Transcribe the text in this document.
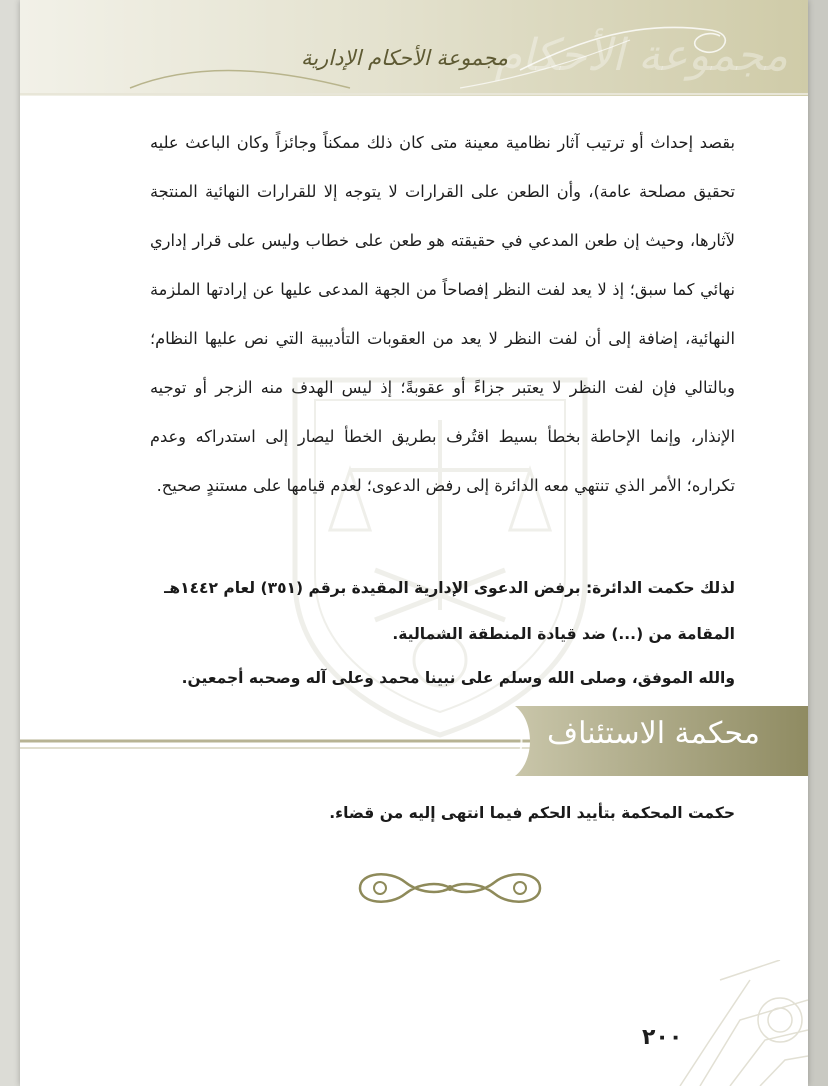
مجموعة الأحكام
مجموعة الأحكام الإدارية

بقصد إحداث أو ترتيب آثار نظامية معينة متى كان ذلك ممكناً وجائزاً وكان الباعث عليه تحقيق مصلحة عامة)، وأن الطعن على القرارات لا يتوجه إلا للقرارات النهائية المنتجة لآثارها، وحيث إن طعن المدعي في حقيقته هو طعن على خطاب وليس على قرار إداري نهائي كما سبق؛ إذ لا يعد لفت النظر إفصاحاً من الجهة المدعى عليها عن إرادتها الملزمة النهائية، إضافة إلى أن لفت النظر لا يعد من العقوبات التأديبية التي نص عليها النظام؛ وبالتالي فإن لفت النظر لا يعتبر جزاءً أو عقوبةً؛ إذ ليس الهدف منه الزجر أو توجيه الإنذار، وإنما الإحاطة بخطأ بسيط اقتُرف بطريق الخطأ ليصار إلى استدراكه وعدم تكراره؛ الأمر الذي تنتهي معه الدائرة إلى رفض الدعوى؛ لعدم قيامها على مستندٍ صحيح.

لذلك حكمت الدائرة: برفض الدعوى الإدارية المقيدة برقم (٣٥١) لعام ١٤٤٢هـ المقامة من (...) ضد قيادة المنطقة الشمالية.
والله الموفق، وصلى الله وسلم على نبينا محمد وعلى آله وصحبه أجمعين.
محكمة الاستئناف
حكمت المحكمة بتأييد الحكم فيما انتهى إليه من قضاء.
٢٠٠
